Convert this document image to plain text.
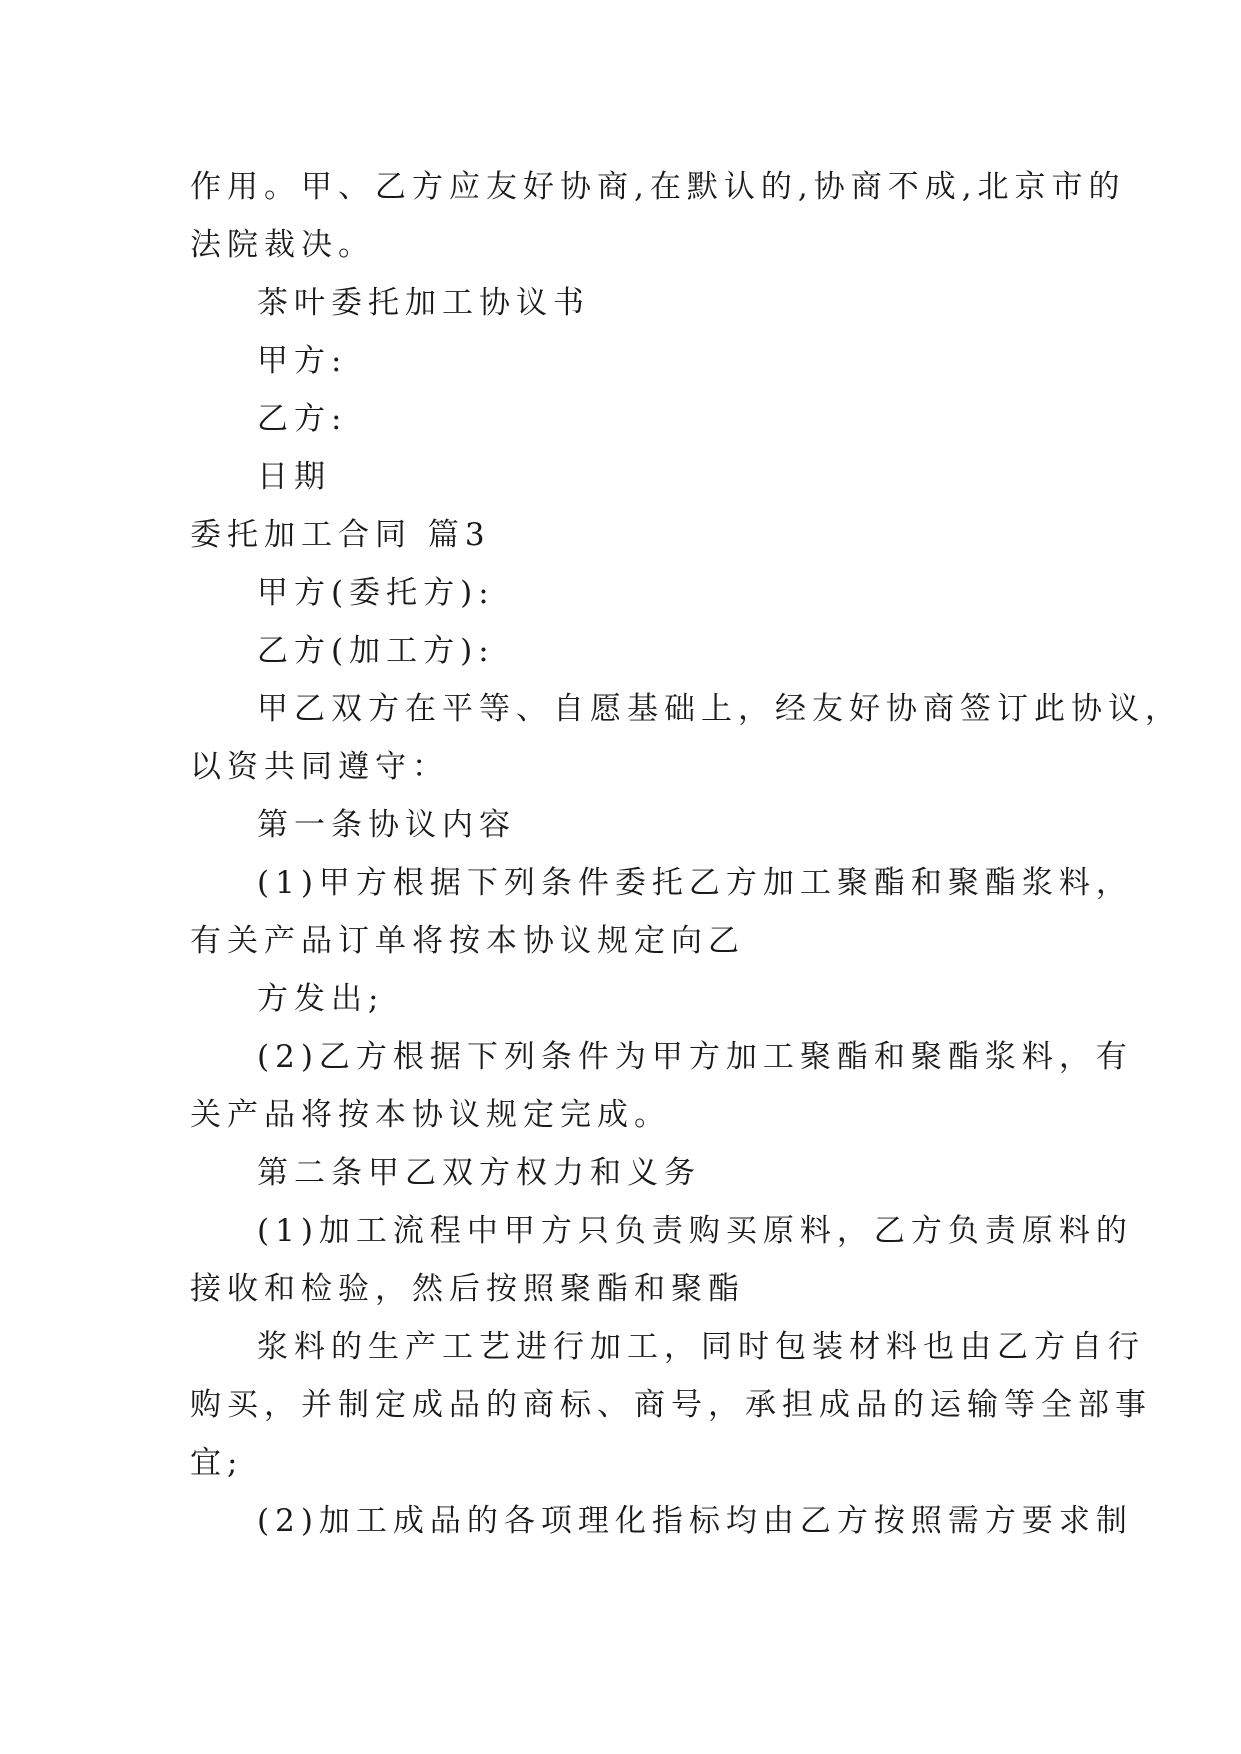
作用。甲、乙方应友好协商,在默认的,协商不成,北京市的
法院裁决。
茶叶委托加工协议书
甲方:
乙方:
日期
委托加工合同 篇3
甲方(委托方):
乙方(加工方):
甲乙双方在平等、自愿基础上，经友好协商签订此协议，
以资共同遵守：
第一条协议内容
(1)甲方根据下列条件委托乙方加工聚酯和聚酯浆料，
有关产品订单将按本协议规定向乙
方发出;
(2)乙方根据下列条件为甲方加工聚酯和聚酯浆料，有
关产品将按本协议规定完成。
第二条甲乙双方权力和义务
(1)加工流程中甲方只负责购买原料，乙方负责原料的
接收和检验，然后按照聚酯和聚酯
浆料的生产工艺进行加工，同时包装材料也由乙方自行
购买，并制定成品的商标、商号，承担成品的运输等全部事
宜;
(2)加工成品的各项理化指标均由乙方按照需方要求制
